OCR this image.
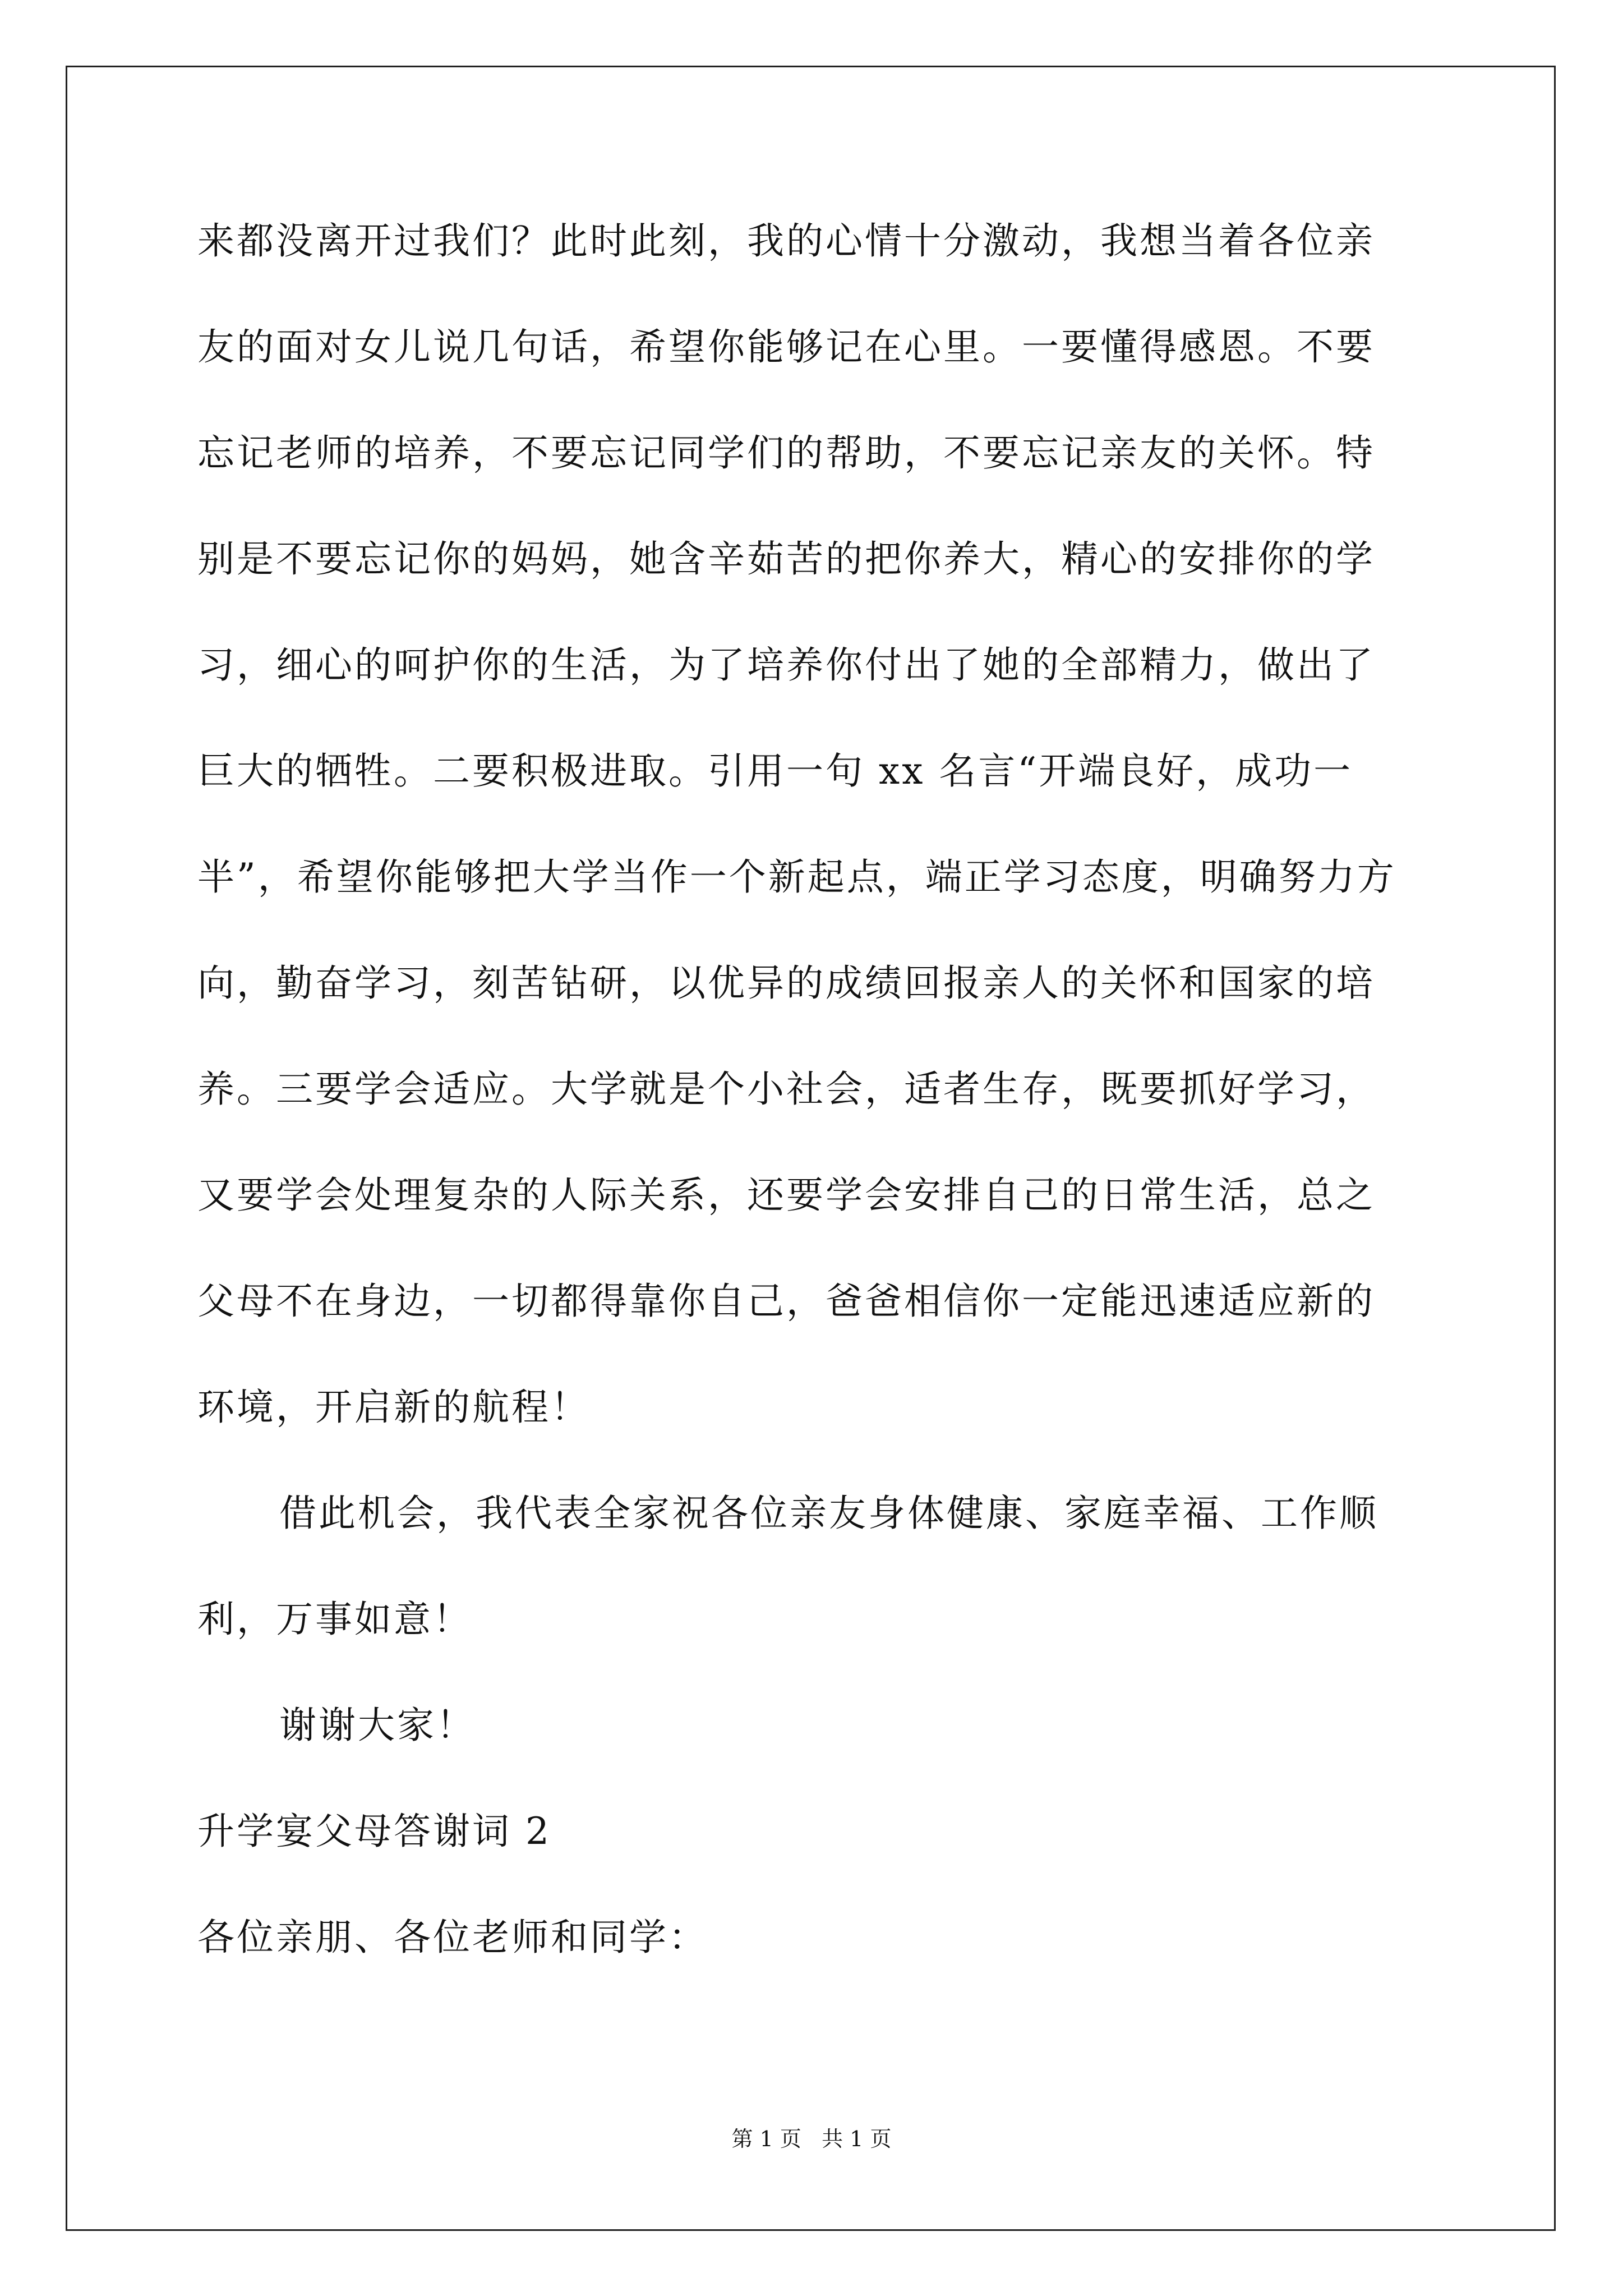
来都没离开过我们？此时此刻，我的心情十分激动，我想当着各位亲
友的面对女儿说几句话，希望你能够记在心里。一要懂得感恩。不要
忘记老师的培养，不要忘记同学们的帮助，不要忘记亲友的关怀。特
别是不要忘记你的妈妈，她含辛茹苦的把你养大，精心的安排你的学
习，细心的呵护你的生活，为了培养你付出了她的全部精力，做出了
巨大的牺牲。二要积极进取。引用一句 xx 名言“开端良好，成功一
半”，希望你能够把大学当作一个新起点，端正学习态度，明确努力方
向，勤奋学习，刻苦钻研，以优异的成绩回报亲人的关怀和国家的培
养。三要学会适应。大学就是个小社会，适者生存，既要抓好学习，
又要学会处理复杂的人际关系，还要学会安排自己的日常生活，总之
父母不在身边，一切都得靠你自己，爸爸相信你一定能迅速适应新的
环境，开启新的航程！
借此机会，我代表全家祝各位亲友身体健康、家庭幸福、工作顺
利，万事如意！
谢谢大家！
升学宴父母答谢词 2
各位亲朋、各位老师和同学：
第 1 页   共 1 页
